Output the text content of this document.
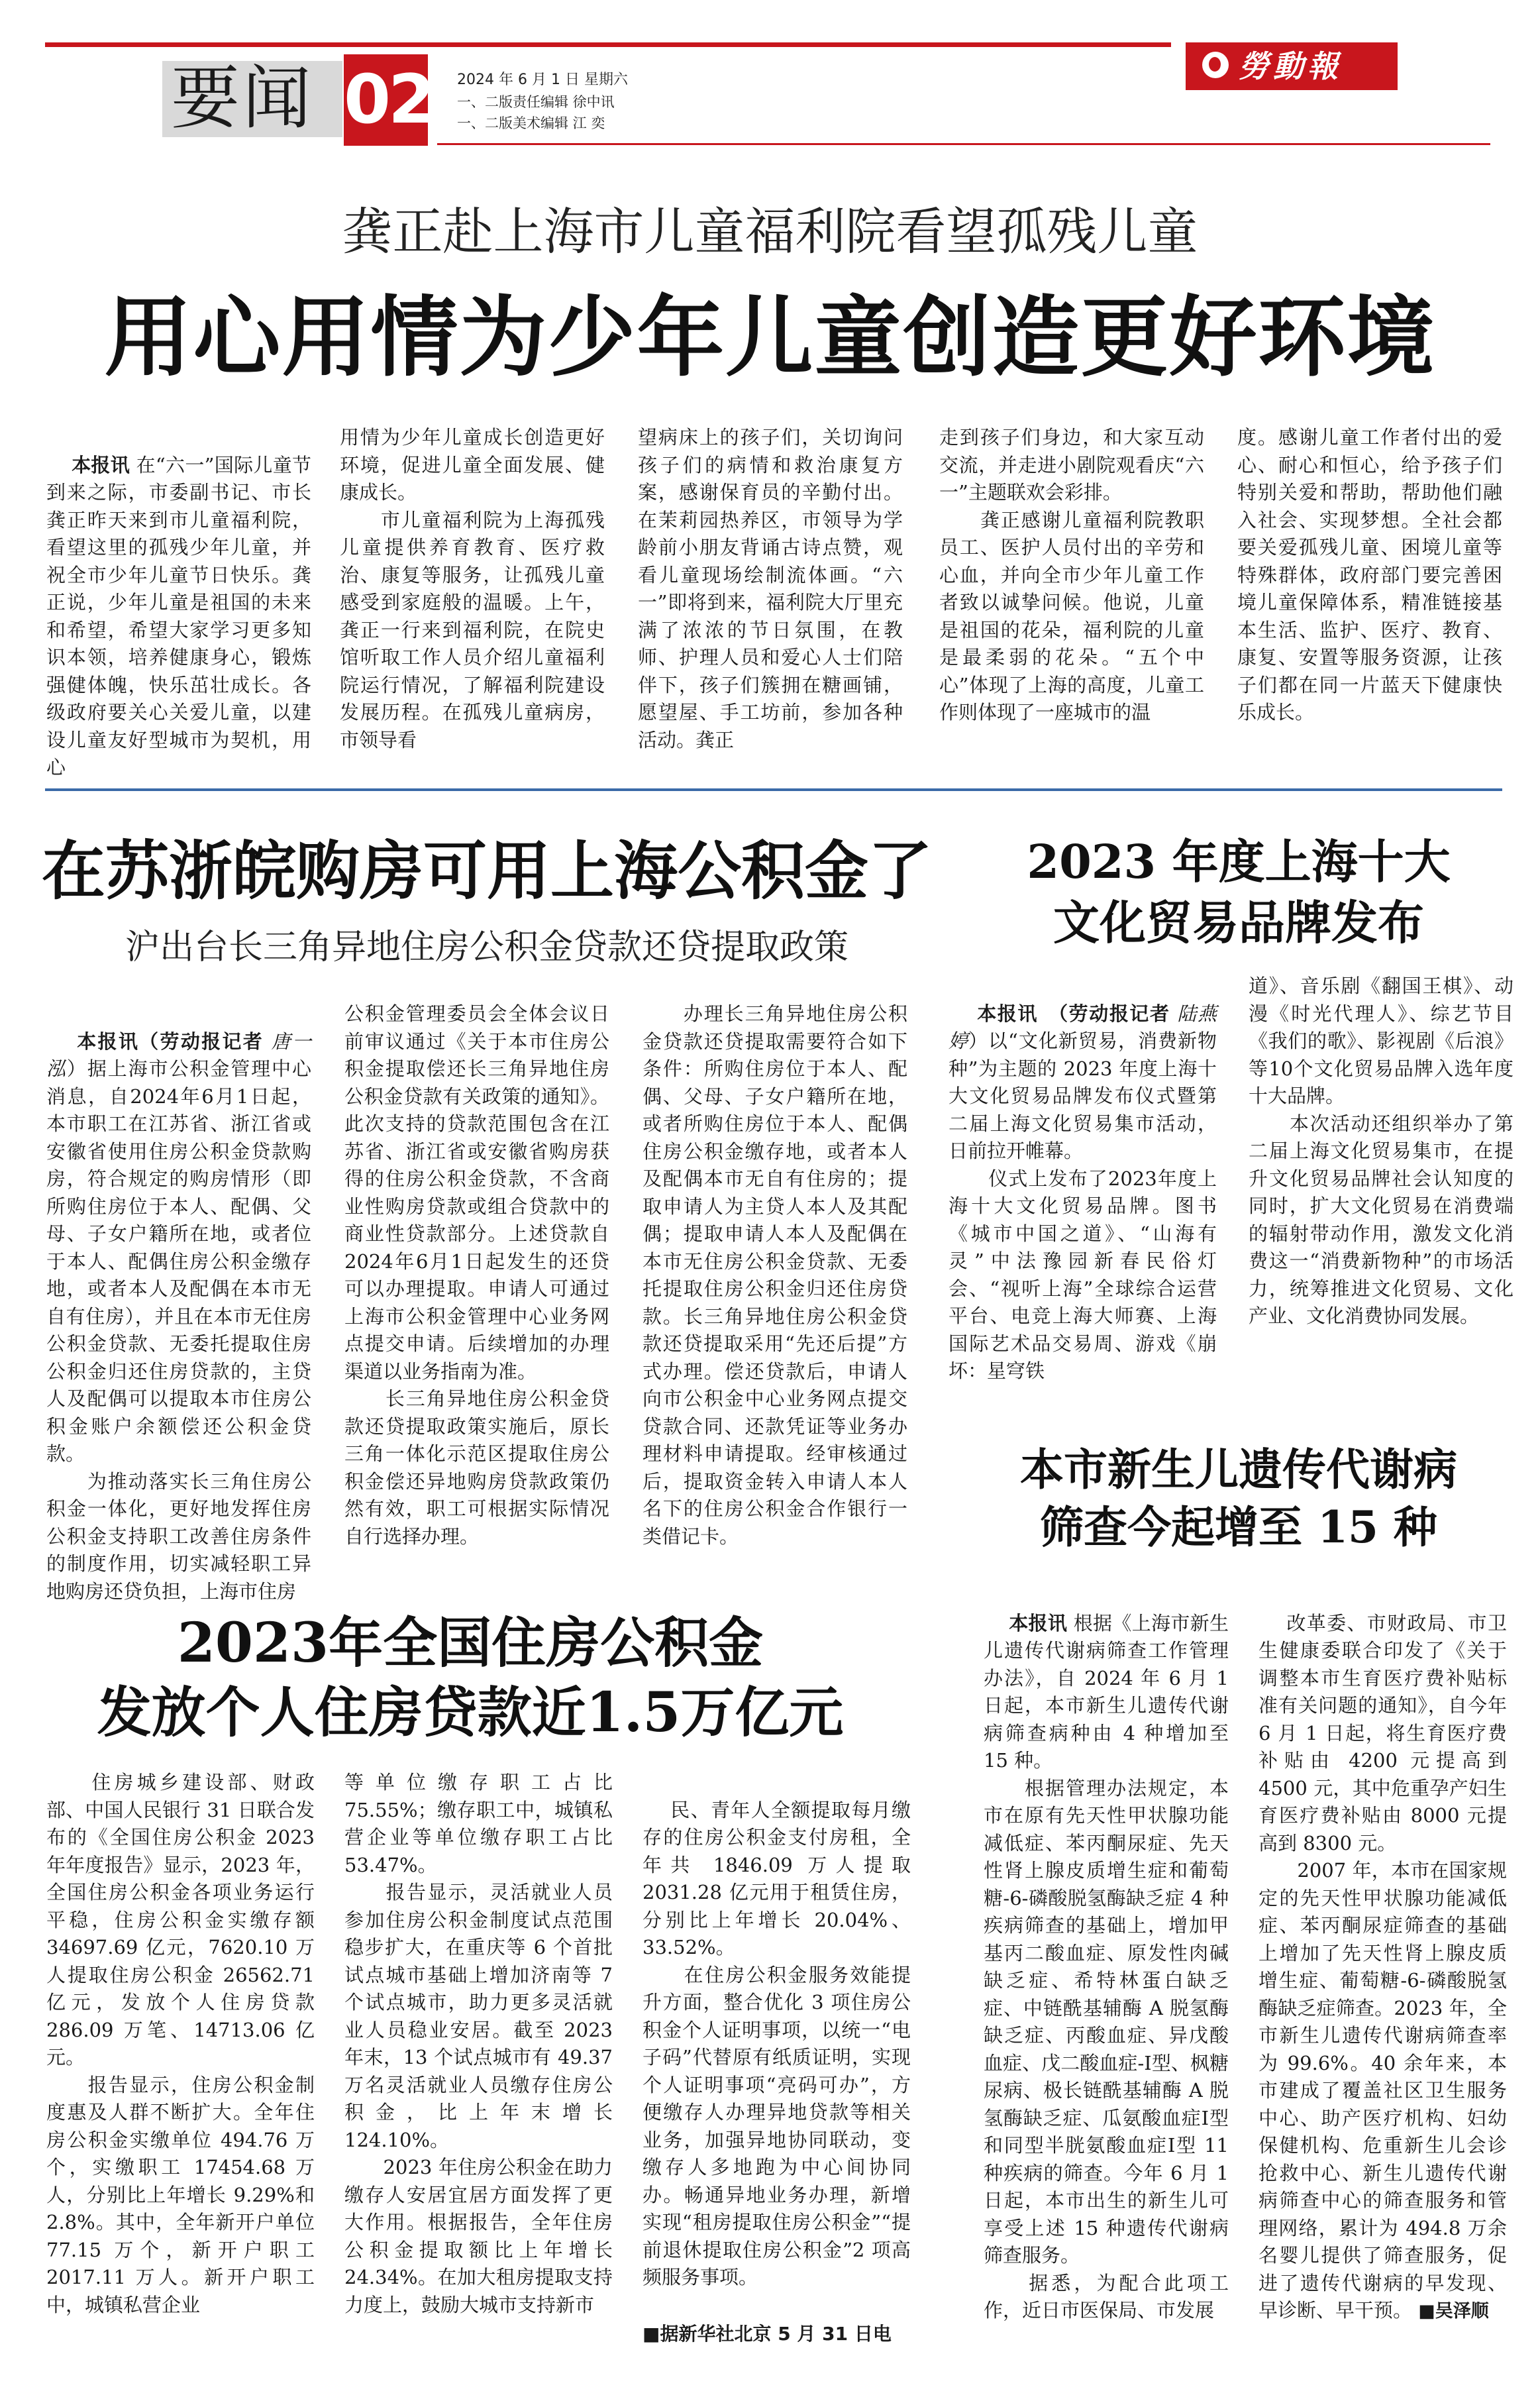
要闻 02 2024 年 6 月 1 日 星期六
一、二版责任编辑 徐中讯
一、二版美术编辑 江 奕
勞動報
龚正赴上海市儿童福利院看望孤残儿童
用心用情为少年儿童创造更好环境

本报讯 在“六一”国际儿童节到来之际，市委副书记、市长龚正昨天来到市儿童福利院，看望这里的孤残少年儿童，并祝全市少年儿童节日快乐。龚正说，少年儿童是祖国的未来和希望，希望大家学习更多知识本领，培养健康身心，锻炼强健体魄，快乐茁壮成长。各级政府要关心关爱儿童，以建设儿童友好型城市为契机，用心

用情为少年儿童成长创造更好环境，促进儿童全面发展、健康成长。
　　市儿童福利院为上海孤残儿童提供养育教育、医疗救治、康复等服务，让孤残儿童感受到家庭般的温暖。上午，龚正一行来到福利院，在院史馆听取工作人员介绍儿童福利院运行情况，了解福利院建设发展历程。在孤残儿童病房，市领导看
望病床上的孩子们，关切询问孩子们的病情和救治康复方案，感谢保育员的辛勤付出。在茉莉园热养区，市领导为学龄前小朋友背诵古诗点赞，观看儿童现场绘制流体画。“六一”即将到来，福利院大厅里充满了浓浓的节日氛围，在教师、护理人员和爱心人士们陪伴下，孩子们簇拥在糖画铺，愿望屋、手工坊前，参加各种活动。龚正
走到孩子们身边，和大家互动交流，并走进小剧院观看庆“六一”主题联欢会彩排。
　　龚正感谢儿童福利院教职员工、医护人员付出的辛劳和心血，并向全市少年儿童工作者致以诚挚问候。他说，儿童是祖国的花朵，福利院的儿童是最柔弱的花朵。“五个中心”体现了上海的高度，儿童工作则体现了一座城市的温
度。感谢儿童工作者付出的爱心、耐心和恒心，给予孩子们特别关爱和帮助，帮助他们融入社会、实现梦想。全社会都要关爱孤残儿童、困境儿童等特殊群体，政府部门要完善困境儿童保障体系，精准链接基本生活、监护、医疗、教育、康复、安置等服务资源，让孩子们都在同一片蓝天下健康快乐成长。
在苏浙皖购房可用上海公积金了
沪出台长三角异地住房公积金贷款还贷提取政策

本报讯（劳动报记者 唐一泓）据上海市公积金管理中心消息，自2024年6月1日起，本市职工在江苏省、浙江省或安徽省使用住房公积金贷款购房，符合规定的购房情形（即所购住房位于本人、配偶、父母、子女户籍所在地，或者位于本人、配偶住房公积金缴存地，或者本人及配偶在本市无自有住房），并且在本市无住房公积金贷款、无委托提取住房公积金归还住房贷款的，主贷人及配偶可以提取本市住房公积金账户余额偿还公积金贷款。
　　为推动落实长三角住房公积金一体化，更好地发挥住房公积金支持职工改善住房条件的制度作用，切实减轻职工异地购房还贷负担，上海市住房

公积金管理委员会全体会议日前审议通过《关于本市住房公积金提取偿还长三角异地住房公积金贷款有关政策的通知》。此次支持的贷款范围包含在江苏省、浙江省或安徽省购房获得的住房公积金贷款，不含商业性购房贷款或组合贷款中的商业性贷款部分。上述贷款自2024年6月1日起发生的还贷可以办理提取。申请人可通过上海市公积金管理中心业务网点提交申请。后续增加的办理渠道以业务指南为准。
　　长三角异地住房公积金贷款还贷提取政策实施后，原长三角一体化示范区提取住房公积金偿还异地购房贷款政策仍然有效，职工可根据实际情况自行选择办理。
　　办理长三角异地住房公积金贷款还贷提取需要符合如下条件：所购住房位于本人、配偶、父母、子女户籍所在地，或者所购住房位于本人、配偶住房公积金缴存地，或者本人及配偶本市无自有住房的；提取申请人为主贷人本人及其配偶；提取申请人本人及配偶在本市无住房公积金贷款、无委托提取住房公积金归还住房贷款。长三角异地住房公积金贷款还贷提取采用“先还后提”方式办理。偿还贷款后，申请人向市公积金中心业务网点提交贷款合同、还款凭证等业务办理材料申请提取。经审核通过后，提取资金转入申请人本人名下的住房公积金合作银行一类借记卡。
2023 年度上海十大
文化贸易品牌发布

本报讯　（劳动报记者 陆燕婷）以“文化新贸易，消费新物种”为主题的 2023 年度上海十大文化贸易品牌发布仪式暨第二届上海文化贸易集市活动，日前拉开帷幕。
　　仪式上发布了2023年度上海十大文化贸易品牌。图书《城市中国之道》、“山海有灵”中法豫园新春民俗灯会、“视听上海”全球综合运营平台、电竞上海大师赛、上海国际艺术品交易周、游戏《崩坏：星穹铁

道》、音乐剧《翻国王棋》、动漫《时光代理人》、综艺节目《我们的歌》、影视剧《后浪》等10个文化贸易品牌入选年度十大品牌。
　　本次活动还组织举办了第二届上海文化贸易集市，在提升文化贸易品牌社会认知度的同时，扩大文化贸易在消费端的辐射带动作用，激发文化消费这一“消费新物种”的市场活力，统筹推进文化贸易、文化产业、文化消费协同发展。
2023年全国住房公积金
发放个人住房贷款近1.5万亿元
　　住房城乡建设部、财政部、中国人民银行 31 日联合发布的《全国住房公积金 2023 年年度报告》显示，2023 年，全国住房公积金各项业务运行平稳，住房公积金实缴存额 34697.69 亿元，7620.10 万人提取住房公积金 26562.71 亿元，发放个人住房贷款 286.09 万笔、14713.06 亿元。
　　报告显示，住房公积金制度惠及人群不断扩大。全年住房公积金实缴单位 494.76 万个，实缴职工 17454.68 万人，分别比上年增长 9.29%和 2.8%。其中，全年新开户单位 77.15 万个，新开户职工 2017.11 万人。新开户职工中，城镇私营企业
等单位缴存职工占比 75.55%；缴存职工中，城镇私营企业等单位缴存职工占比 53.47%。
　　报告显示，灵活就业人员参加住房公积金制度试点范围稳步扩大，在重庆等 6 个首批试点城市基础上增加济南等 7 个试点城市，助力更多灵活就业人员稳业安居。截至 2023 年末，13 个试点城市有 49.37 万名灵活就业人员缴存住房公积金，比上年末增长 124.10%。
　　2023 年住房公积金在助力缴存人安居宜居方面发挥了更大作用。根据报告，全年住房公积金提取额比上年增长 24.34%。在加大租房提取支持力度上，鼓励大城市支持新市

民、青年人全额提取每月缴存的住房公积金支付房租，全年共 1846.09 万人提取 2031.28 亿元用于租赁住房，分别比上年增长 20.04%、33.52%。
　　在住房公积金服务效能提升方面，整合优化 3 项住房公积金个人证明事项，以统一“电子码”代替原有纸质证明，实现个人证明事项“亮码可办”，方便缴存人办理异地贷款等相关业务，加强异地协同联动，变缴存人多地跑为中心间协同办。畅通异地业务办理，新增实现“租房提取住房公积金”“提前退休提取住房公积金”2 项高频服务事项。

■据新华社北京 5 月 31 日电

本市新生儿遗传代谢病
筛查今起增至 15 种

本报讯 根据《上海市新生儿遗传代谢病筛查工作管理办法》，自 2024 年 6 月 1 日起，本市新生儿遗传代谢病筛查病种由 4 种增加至 15 种。
　　根据管理办法规定，本市在原有先天性甲状腺功能减低症、苯丙酮尿症、先天性肾上腺皮质增生症和葡萄糖-6-磷酸脱氢酶缺乏症 4 种疾病筛查的基础上，增加甲基丙二酸血症、原发性肉碱缺乏症、希特林蛋白缺乏症、中链酰基辅酶 A 脱氢酶缺乏症、丙酸血症、异戊酸血症、戊二酸血症-Ⅰ型、枫糖尿病、极长链酰基辅酶 A 脱氢酶缺乏症、瓜氨酸血症Ⅰ型和同型半胱氨酸血症Ⅰ型 11 种疾病的筛查。今年 6 月 1 日起，本市出生的新生儿可享受上述 15 种遗传代谢病筛查服务。
　　据悉，为配合此项工作，近日市医保局、市发展

改革委、市财政局、市卫生健康委联合印发了《关于调整本市生育医疗费补贴标准有关问题的通知》，自今年 6 月 1 日起，将生育医疗费补贴由 4200 元提高到 4500 元，其中危重孕产妇生育医疗费补贴由 8000 元提高到 8300 元。
　　2007 年，本市在国家规定的先天性甲状腺功能减低症、苯丙酮尿症筛查的基础上增加了先天性肾上腺皮质增生症、葡萄糖-6-磷酸脱氢酶缺乏症筛查。2023 年，全市新生儿遗传代谢病筛查率为 99.6%。40 余年来，本市建成了覆盖社区卫生服务中心、助产医疗机构、妇幼保健机构、危重新生儿会诊抢救中心、新生儿遗传代谢病筛查中心的筛查服务和管理网络，累计为 494.8 万余名婴儿提供了筛查服务，促进了遗传代谢病的早发现、早诊断、早干预。 ■吴泽顺
